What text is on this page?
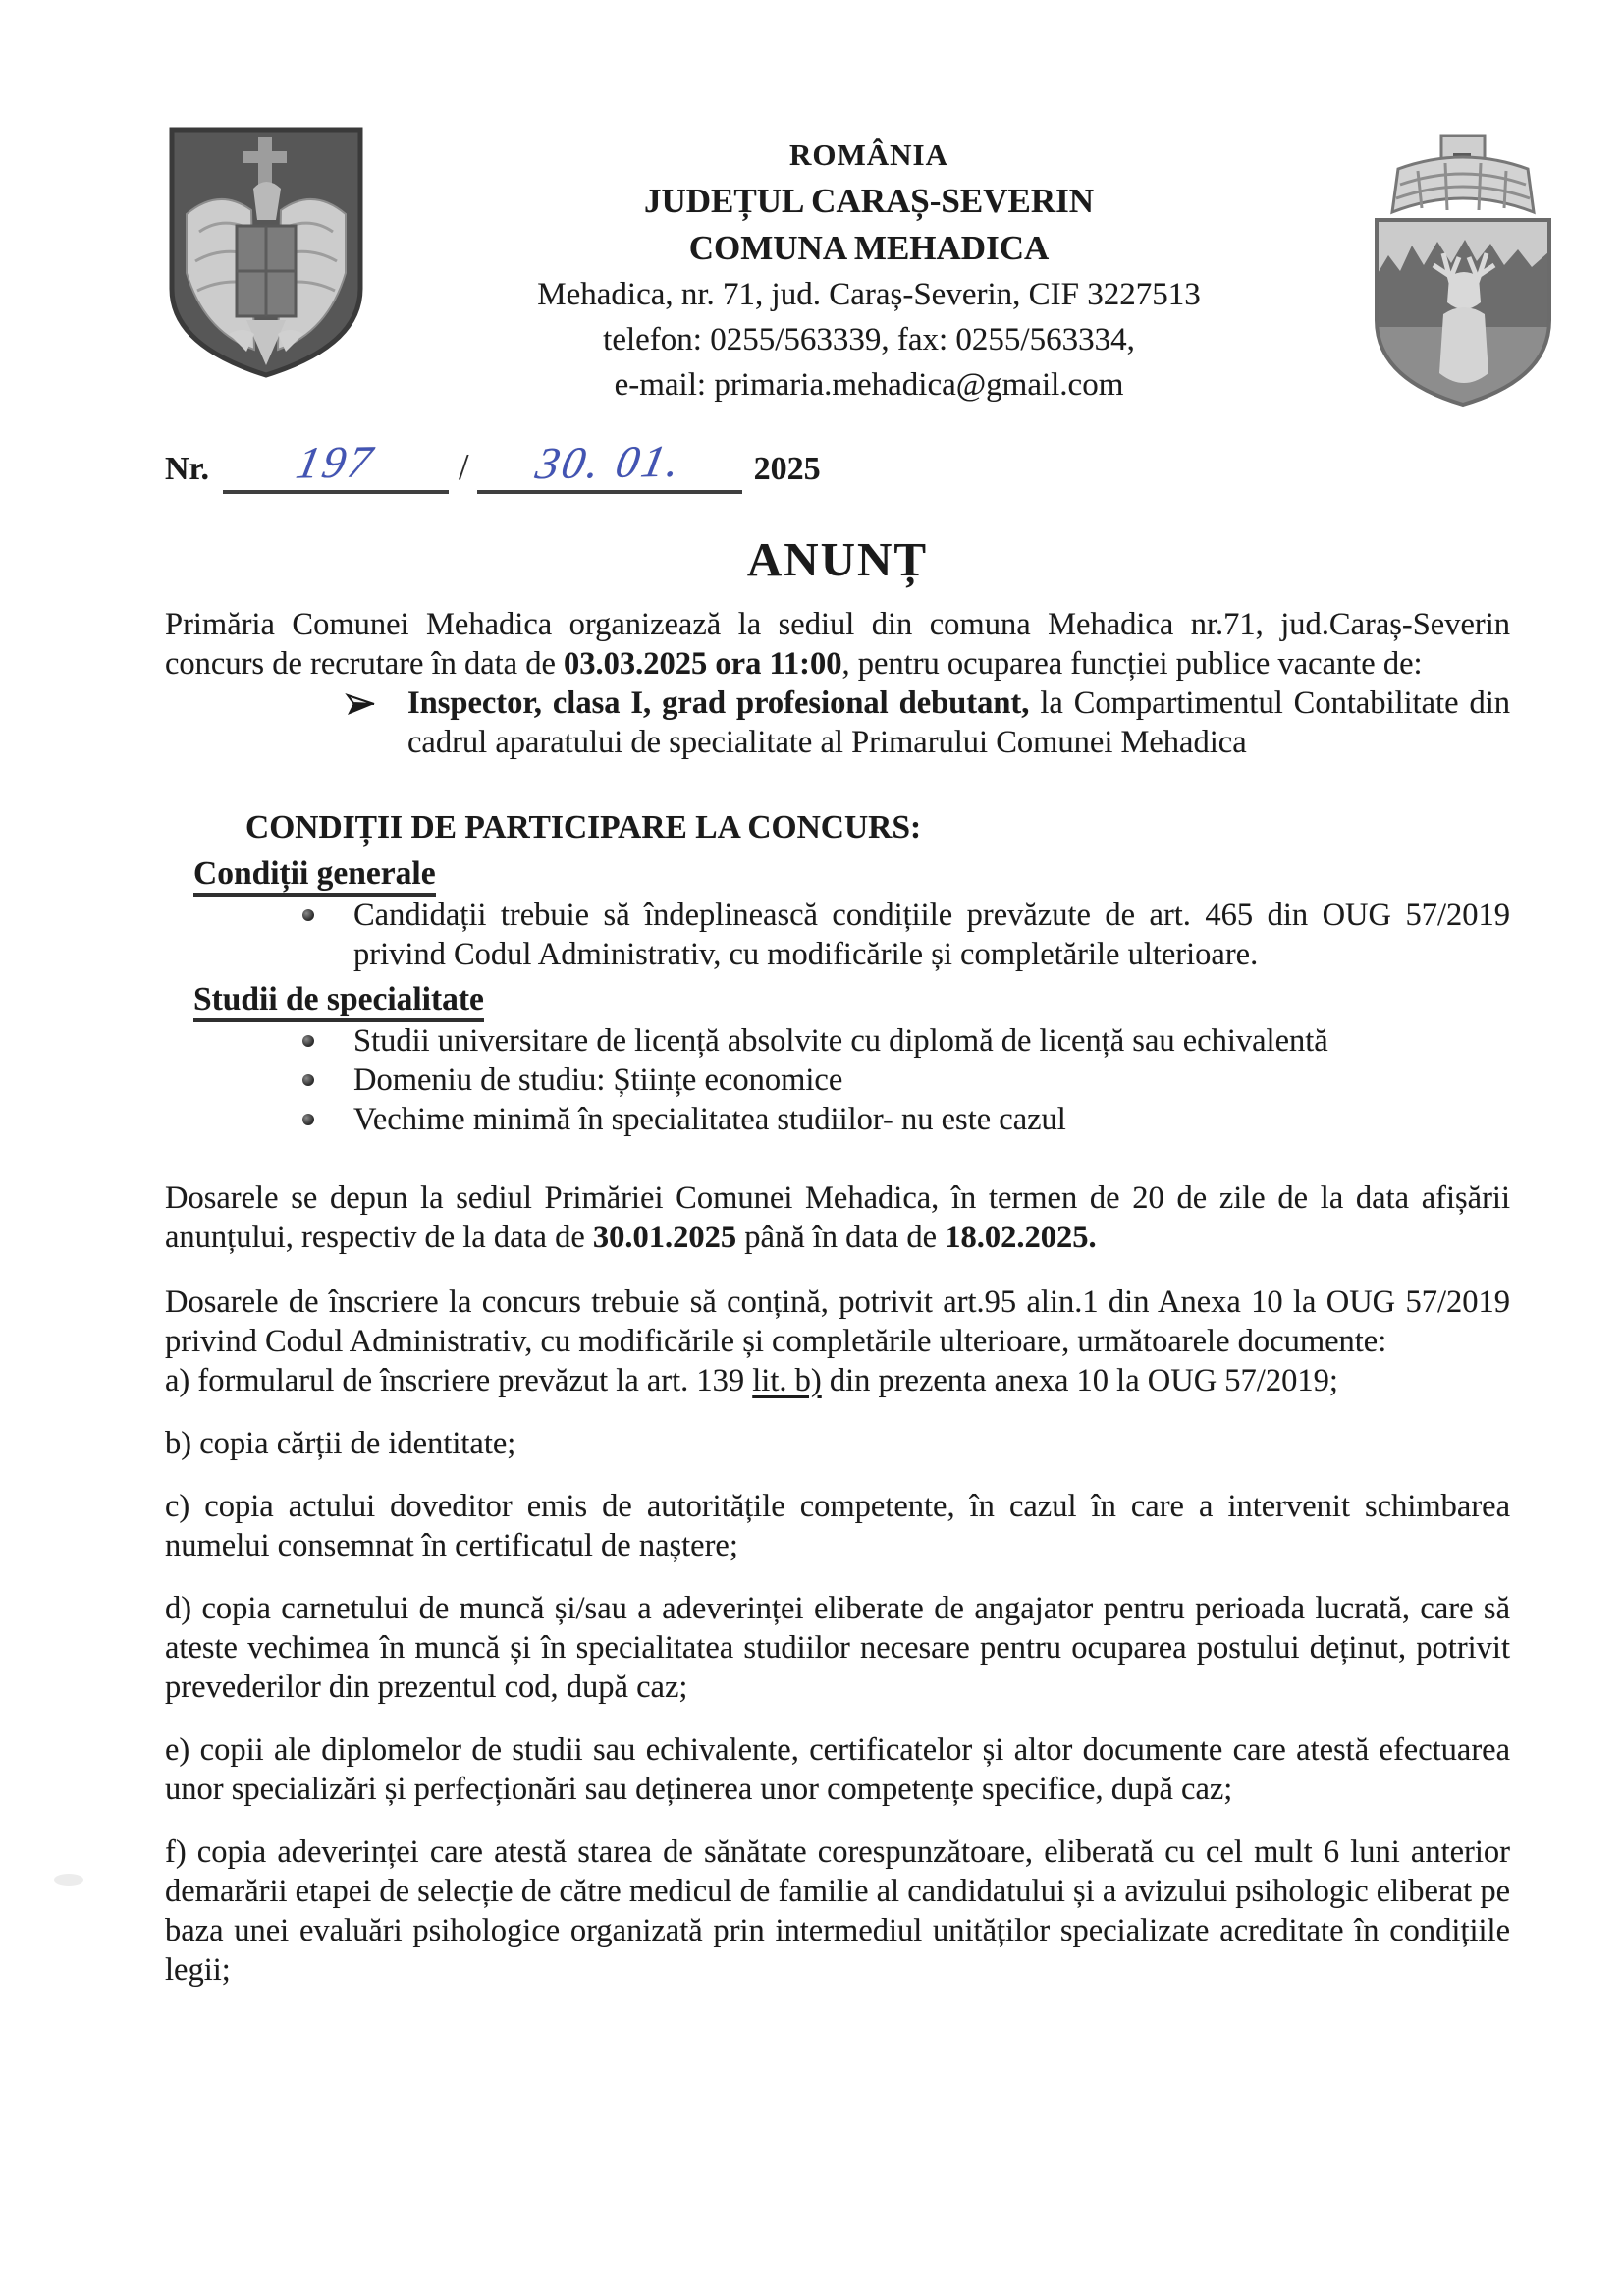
ROMÂNIA
JUDEȚUL CARAȘ-SEVERIN
COMUNA MEHADICA
Mehadica, nr. 71, jud. Caraș-Severin, CIF 3227513
telefon: 0255/563339, fax: 0255/563334,
e-mail: primaria.mehadica@gmail.com
Nr. 197 / 30. 01. 2025
ANUNȚ
Primăria Comunei Mehadica organizează la sediul din comuna Mehadica nr.71, jud.Caraș-Severin concurs de recrutare în data de 03.03.2025 ora 11:00, pentru ocuparea funcției publice vacante de:
Inspector, clasa I, grad profesional debutant, la Compartimentul Contabilitate din cadrul aparatului de specialitate al Primarului Comunei Mehadica
CONDIȚII DE PARTICIPARE LA CONCURS:
Condiții generale
Candidații trebuie să îndeplinească condițiile prevăzute de art. 465 din OUG 57/2019 privind Codul Administrativ, cu modificările și completările ulterioare.
Studii de specialitate
Studii universitare de licență absolvite cu diplomă de licență sau echivalentă
Domeniu de studiu: Științe economice
Vechime minimă în specialitatea studiilor- nu este cazul
Dosarele se depun la sediul Primăriei Comunei Mehadica, în termen de 20 de zile de la data afișării anunțului, respectiv de la data de 30.01.2025 până în data de 18.02.2025.
Dosarele de înscriere la concurs trebuie să conțină, potrivit art.95 alin.1 din Anexa 10 la OUG 57/2019 privind Codul Administrativ, cu modificările și completările ulterioare, următoarele documente:
a) formularul de înscriere prevăzut la art. 139 lit. b) din prezenta anexa 10 la OUG 57/2019;
b) copia cărții de identitate;
c) copia actului doveditor emis de autoritățile competente, în cazul în care a intervenit schimbarea numelui consemnat în certificatul de naștere;
d) copia carnetului de muncă și/sau a adeverinței eliberate de angajator pentru perioada lucrată, care să ateste vechimea în muncă și în specialitatea studiilor necesare pentru ocuparea postului deținut, potrivit prevederilor din prezentul cod, după caz;
e) copii ale diplomelor de studii sau echivalente, certificatelor și altor documente care atestă efectuarea unor specializări și perfecționări sau deținerea unor competențe specifice, după caz;
f) copia adeverinței care atestă starea de sănătate corespunzătoare, eliberată cu cel mult 6 luni anterior demarării etapei de selecție de către medicul de familie al candidatului și a avizului psihologic eliberat pe baza unei evaluări psihologice organizată prin intermediul unităților specializate acreditate în condițiile legii;
